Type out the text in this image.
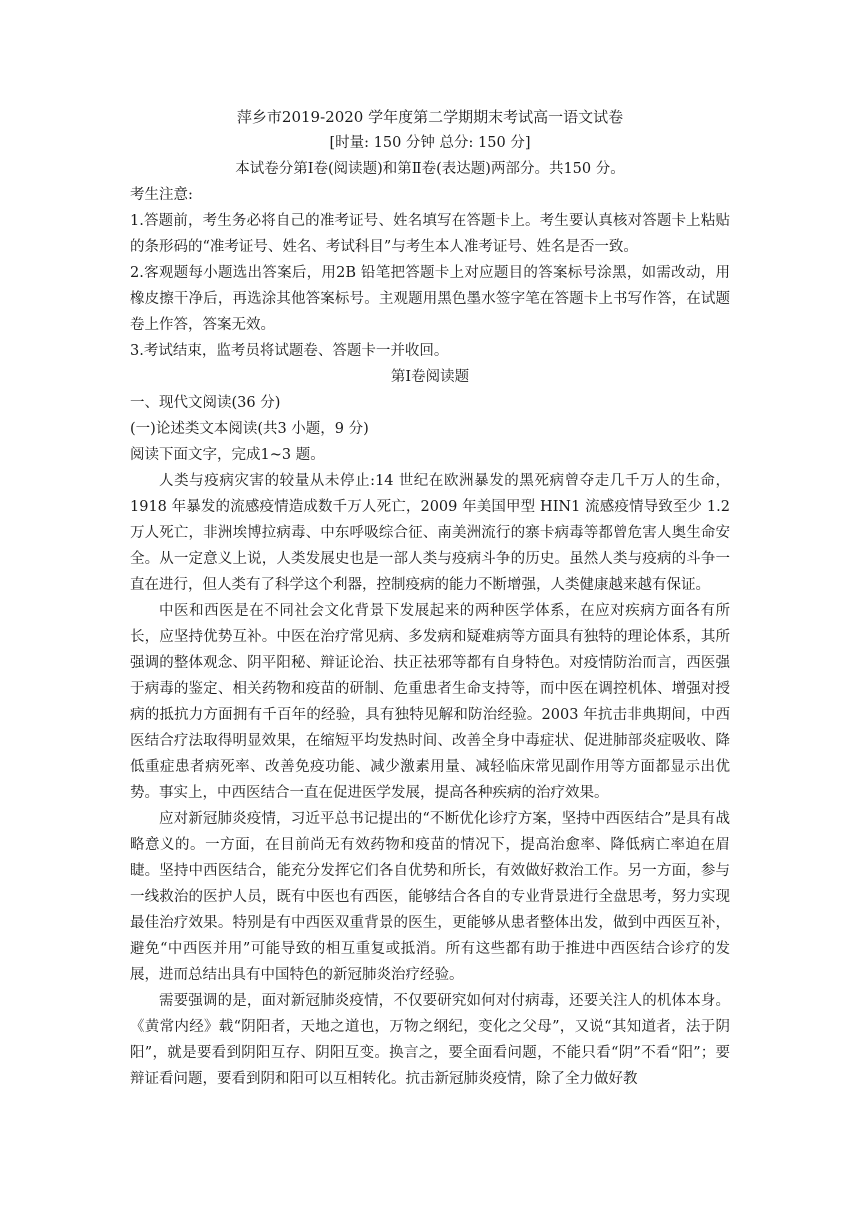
萍乡市2019-2020 学年度第二学期期末考试高一语文试卷

[时量: 150 分钟 总分: 150 分]

本试卷分第Ⅰ卷(阅读题)和第Ⅱ卷(表达题)两部分。共150 分。

考生注意:

1.答题前，考生务必将自己的准考证号、姓名填写在答题卡上。考生要认真核对答题卡上粘贴的条形码的“准考证号、姓名、考试科目”与考生本人准考证号、姓名是否一致。

2.客观题每小题选出答案后，用2B 铅笔把答题卡上对应题目的答案标号涂黑，如需改动，用橡皮擦干净后，再选涂其他答案标号。主观题用黑色墨水签字笔在答题卡上书写作答，在试题卷上作答，答案无效。

3.考试结束，监考员将试题卷、答题卡一并收回。

第Ⅰ卷阅读题

一、现代文阅读(36 分)

(一)论述类文本阅读(共3 小题，9 分)

阅读下面文字，完成1~3 题。

人类与疫病灾害的较量从未停止:14 世纪在欧洲暴发的黑死病曾夺走几千万人的生命，1918 年暴发的流感疫情造成数千万人死亡，2009 年美国甲型 HIN1 流感疫情导致至少 1.2 万人死亡，非洲埃博拉病毒、中东呼吸综合征、南美洲流行的寨卡病毒等都曾危害人奥生命安全。从一定意义上说，人类发展史也是一部人类与疫病斗争的历史。虽然人类与疫病的斗争一直在进行，但人类有了科学这个利器，控制疫病的能力不断增强，人类健康越来越有保证。

中医和西医是在不同社会文化背景下发展起来的两种医学体系，在应对疾病方面各有所长，应坚持优势互补。中医在治疗常见病、多发病和疑难病等方面具有独特的理论体系，其所强调的整体观念、阴平阳秘、辩证论治、扶正祛邪等都有自身特色。对疫情防治而言，西医强于病毒的鉴定、相关药物和疫苗的研制、危重患者生命支持等，而中医在调控机体、增强对授病的抵抗力方面拥有千百年的经验，具有独特见解和防治经验。2003 年抗击非典期间，中西医结合疗法取得明显效果，在缩短平均发热时间、改善全身中毒症状、促进肺部炎症吸收、降低重症患者病死率、改善免疫功能、减少激素用量、减轻临床常见副作用等方面都显示出优势。事实上，中西医结合一直在促进医学发展，提高各种疾病的治疗效果。

应对新冠肺炎疫情，习近平总书记提出的“不断优化诊疗方案，坚持中西医结合”是具有战略意义的。一方面，在目前尚无有效药物和疫苗的情况下，提高治愈率、降低病亡率迫在眉睫。坚持中西医结合，能充分发挥它们各自优势和所长，有效做好救治工作。另一方面，参与一线救治的医护人员，既有中医也有西医，能够结合各自的专业背景进行全盘思考，努力实现最佳治疗效果。特别是有中西医双重背景的医生，更能够从患者整体出发，做到中西医互补，避免“中西医并用”可能导致的相互重复或抵消。所有这些都有助于推进中西医结合诊疗的发展，进而总结出具有中国特色的新冠肺炎治疗经验。

需要强调的是，面对新冠肺炎疫情，不仅要研究如何对付病毒，还要关注人的机体本身。《黄常内经》载“阴阳者，天地之道也，万物之纲纪，变化之父母”，又说“其知道者，法于阴阳”，就是要看到阴阳互存、阴阳互变。换言之，要全面看问题，不能只看“阴”不看“阳”；要辩证看问题，要看到阴和阳可以互相转化。抗击新冠肺炎疫情，除了全力做好教
